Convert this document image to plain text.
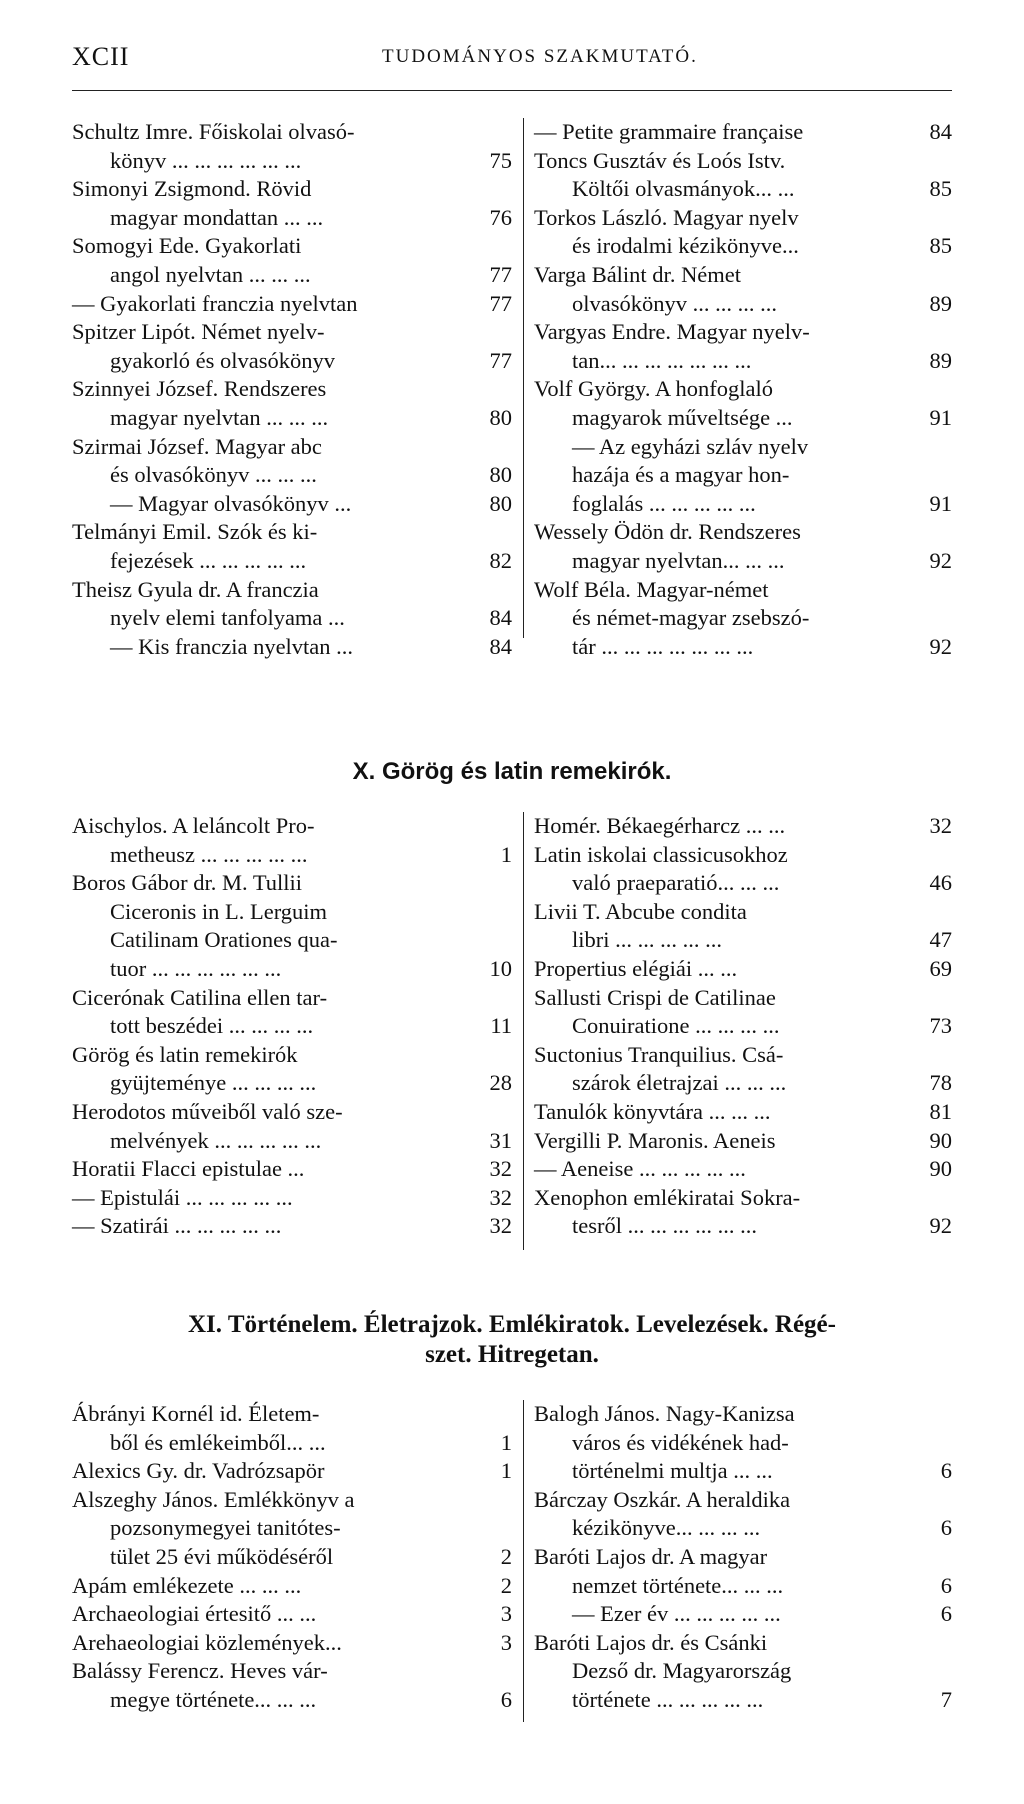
XCII	TUDOMÁNYOS SZAKMUTATÓ.
Schultz Imre. Főiskolai olvasó-
könyv ... ... ... ... ... ...	75
Simonyi Zsigmond. Rövid
magyar mondattan ... ...	76
Somogyi Ede. Gyakorlati
angol nyelvtan ... ... ...	77
— Gyakorlati franczia nyelvtan	77
Spitzer Lipót. Német nyelv-
gyakorló és olvasókönyv	77
Szinnyei József. Rendszeres
magyar nyelvtan ... ... ...	80
Szirmai József. Magyar abc
és olvasókönyv ... ... ...	80
— Magyar olvasókönyv ...	80
Telmányi Emil. Szók és ki-
fejezések ... ... ... ... ...	82
Theisz Gyula dr. A franczia
nyelv elemi tanfolyama ...	84
— Kis franczia nyelvtan ...	84
— Petite grammaire française	84
Toncs Gusztáv és Loós Istv.
Költői olvasmányok... ...	85
Torkos László. Magyar nyelv
és irodalmi kézikönyve...	85
Varga Bálint dr. Német
olvasókönyv ... ... ... ...	89
Vargyas Endre. Magyar nyelv-
tan... ... ... ... ... ... ...	89
Volf György. A honfoglaló
magyarok műveltsége ...	91
— Az egyházi szláv nyelv
hazája és a magyar hon-
foglalás ... ... ... ... ...	91
Wessely Ödön dr. Rendszeres
magyar nyelvtan... ... ...	92
Wolf Béla. Magyar-német
és német-magyar zsebszó-
tár ... ... ... ... ... ... ...	92
X. Görög és latin remekirók.
Aischylos. A leláncolt Pro-
metheusz ... ... ... ... ...	1
Boros Gábor dr. M. Tullii
Ciceronis in L. Lerguim
Catilinam Orationes qua-
tuor ... ... ... ... ... ...	10
Cicerónak Catilina ellen tar-
tott beszédei ... ... ... ...	11
Görög és latin remekirók
gyüjteménye ... ... ... ...	28
Herodotos műveiből való sze-
melvények ... ... ... ... ...	31
Horatii Flacci epistulae ...	32
— Epistulái ... ... ... ... ...	32
— Szatirái ... ... ... ... ...	32
Homér. Békaegérharcz ... ...	32
Latin iskolai classicusokhoz
való praeparatió... ... ...	46
Livii T. Abcube condita
libri ... ... ... ... ...	47
Propertius elégiái ... ...	69
Sallusti Crispi de Catilinae
Conuiratione ... ... ... ...	73
Suctonius Tranquilius. Csá-
szárok életrajzai ... ... ...	78
Tanulók könyvtára ... ... ...	81
Vergilli P. Maronis. Aeneis	90
— Aeneise ... ... ... ... ...	90
Xenophon emlékiratai Sokra-
tesről ... ... ... ... ... ...	92
XI. Történelem. Életrajzok. Emlékiratok. Levelezések. Régé-
szet. Hitregetan.
Ábrányi Kornél id. Életem-
ből és emlékeimből... ...	1
Alexics Gy. dr. Vadrózsapör	1
Alszeghy János. Emlékkönyv a
pozsonymegyei tanitótes-
tület 25 évi működéséről	2
Apám emlékezete ... ... ...	2
Archaeologiai értesitő ... ...	3
Arehaeologiai közlemények...	3
Balássy Ferencz. Heves vár-
megye története... ... ...	6
Balogh János. Nagy-Kanizsa
város és vidékének had-
történelmi multja ... ...	6
Bárczay Oszkár. A heraldika
kézikönyve... ... ... ...	6
Baróti Lajos dr. A magyar
nemzet története... ... ...	6
— Ezer év ... ... ... ... ...	6
Baróti Lajos dr. és Csánki
Dezső dr. Magyarország
története ... ... ... ... ...	7
